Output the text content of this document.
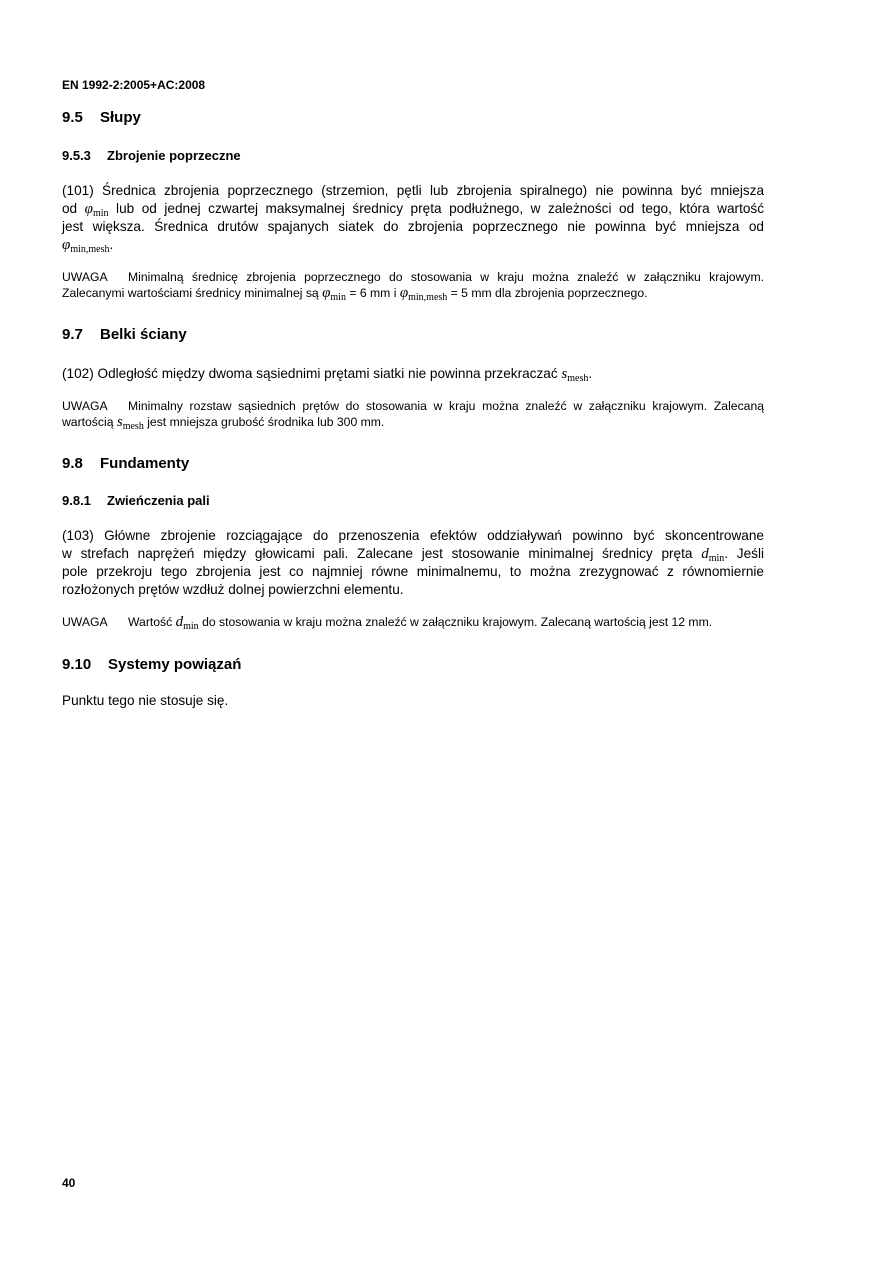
EN 1992-2:2005+AC:2008
9.5 Słupy
9.5.3 Zbrojenie poprzeczne
(101) Średnica zbrojenia poprzecznego (strzemion, pętli lub zbrojenia spiralnego) nie powinna być mniejsza
od $\varphi_{min}$ lub od jednej czwartej maksymalnej średnicy pręta podłużnego, w zależności od tego, która wartość
jest większa. Średnica drutów spajanych siatek do zbrojenia poprzecznego nie powinna być mniejsza od
$\varphi_{min,mesh}$.
UWAGA Minimalną średnicę zbrojenia poprzecznego do stosowania w kraju można znaleźć w załączniku krajowym.
Zalecanymi wartościami średnicy minimalnej są $\varphi_{min} = 6$ mm i $\varphi_{min,mesh} = 5$ mm dla zbrojenia poprzecznego.
9.7 Belki ściany
(102) Odległość między dwoma sąsiednimi prętami siatki nie powinna przekraczać $s_{mesh}$.
UWAGA Minimalny rozstaw sąsiednich prętów do stosowania w kraju można znaleźć w załączniku krajowym. Zalecaną
wartością $s_{mesh}$ jest mniejsza grubość środnika lub 300 mm.
9.8 Fundamenty
9.8.1 Zwieńczenia pali
(103) Główne zbrojenie rozciągające do przenoszenia efektów oddziaływań powinno być skoncentrowane
w strefach naprężeń między głowicami pali. Zalecane jest stosowanie minimalnej średnicy pręta $d_{min}$. Jeśli
pole przekroju tego zbrojenia jest co najmniej równe minimalnemu, to można zrezygnować z równomiernie
rozłożonych prętów wzdłuż dolnej powierzchni elementu.
UWAGA Wartość $d_{min}$ do stosowania w kraju można znaleźć w załączniku krajowym. Zalecaną wartością jest 12 mm.
9.10 Systemy powiązań
Punktu tego nie stosuje się.
40
